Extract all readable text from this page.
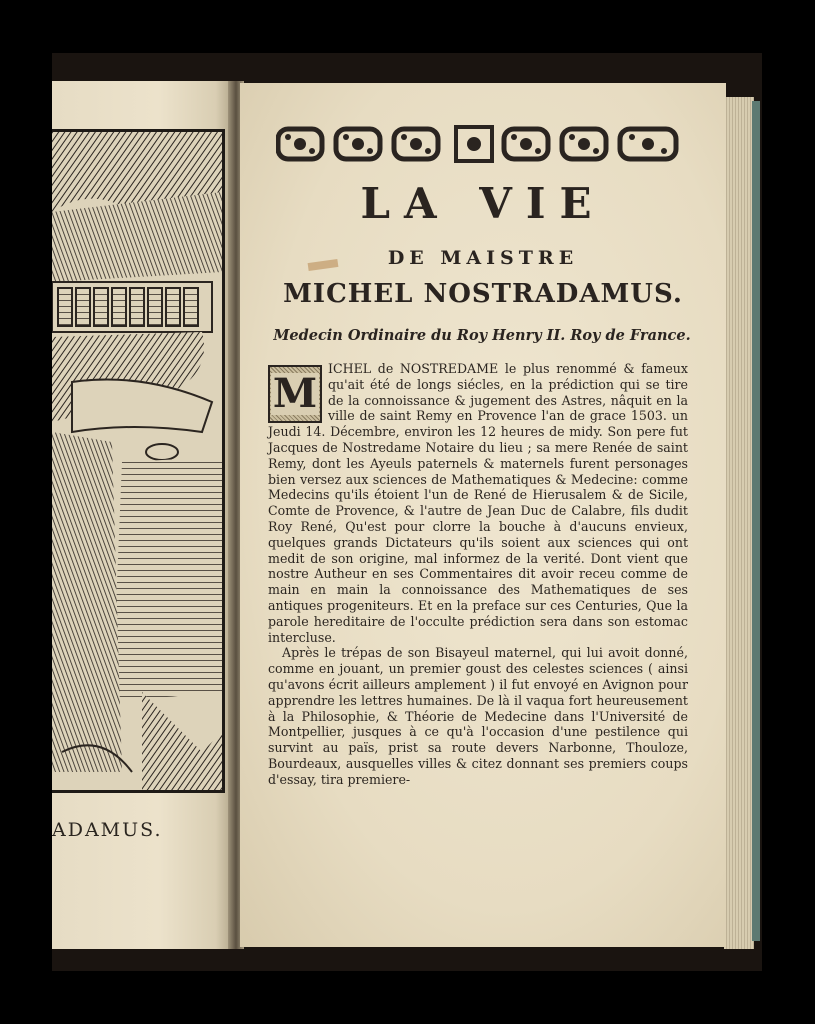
ADAMUS.
LA VIE
DE MAISTRE
MICHEL NOSTRADAMUS.

Medecin Ordinaire du Roy Henry II. Roy de France.

M

ICHEL de NOSTREDAME le plus renommé & fameux qu'ait été de longs siécles, en la prédiction qui se tire de la connoissance & jugement des Astres, nâquit en la ville de saint Remy en Provence l'an de grace 1503. un Jeudi 14. Décembre, environ les 12 heures de midy. Son pere fut Jacques de Nostredame Notaire du lieu ; sa mere Renée de saint Remy, dont les Ayeuls paternels & maternels furent personages bien versez aux sciences de Mathematiques & Medecine: comme Medecins qu'ils étoient l'un de René de Hierusalem & de Sicile, Comte de Provence, & l'autre de Jean Duc de Calabre, fils dudit Roy René, Qu'est pour clorre la bouche à d'aucuns envieux, quelques grands Dictateurs qu'ils soient aux sciences qui ont medit de son origine, mal informez de la verité. Dont vient que nostre Autheur en ses Commentaires dit avoir receu comme de main en main la connoissance des Mathematiques de ses antiques progeniteurs. Et en la preface sur ces Centuries, Que la parole hereditaire de l'occulte prédiction sera dans son estomac intercluse.

Après le trépas de son Bisayeul maternel, qui lui avoit donné, comme en jouant, un premier goust des celestes sciences ( ainsi qu'avons écrit ailleurs amplement ) il fut envoyé en Avignon pour apprendre les lettres humaines. De là il vaqua fort heureusement à la Philosophie, & Théorie de Medecine dans l'Université de Montpellier, jusques à ce qu'à l'occasion d'une pestilence qui survint au païs, prist sa route devers Narbonne, Thouloze, Bourdeaux, ausquelles villes & citez donnant ses premiers coups d'essay, tira premiere-
